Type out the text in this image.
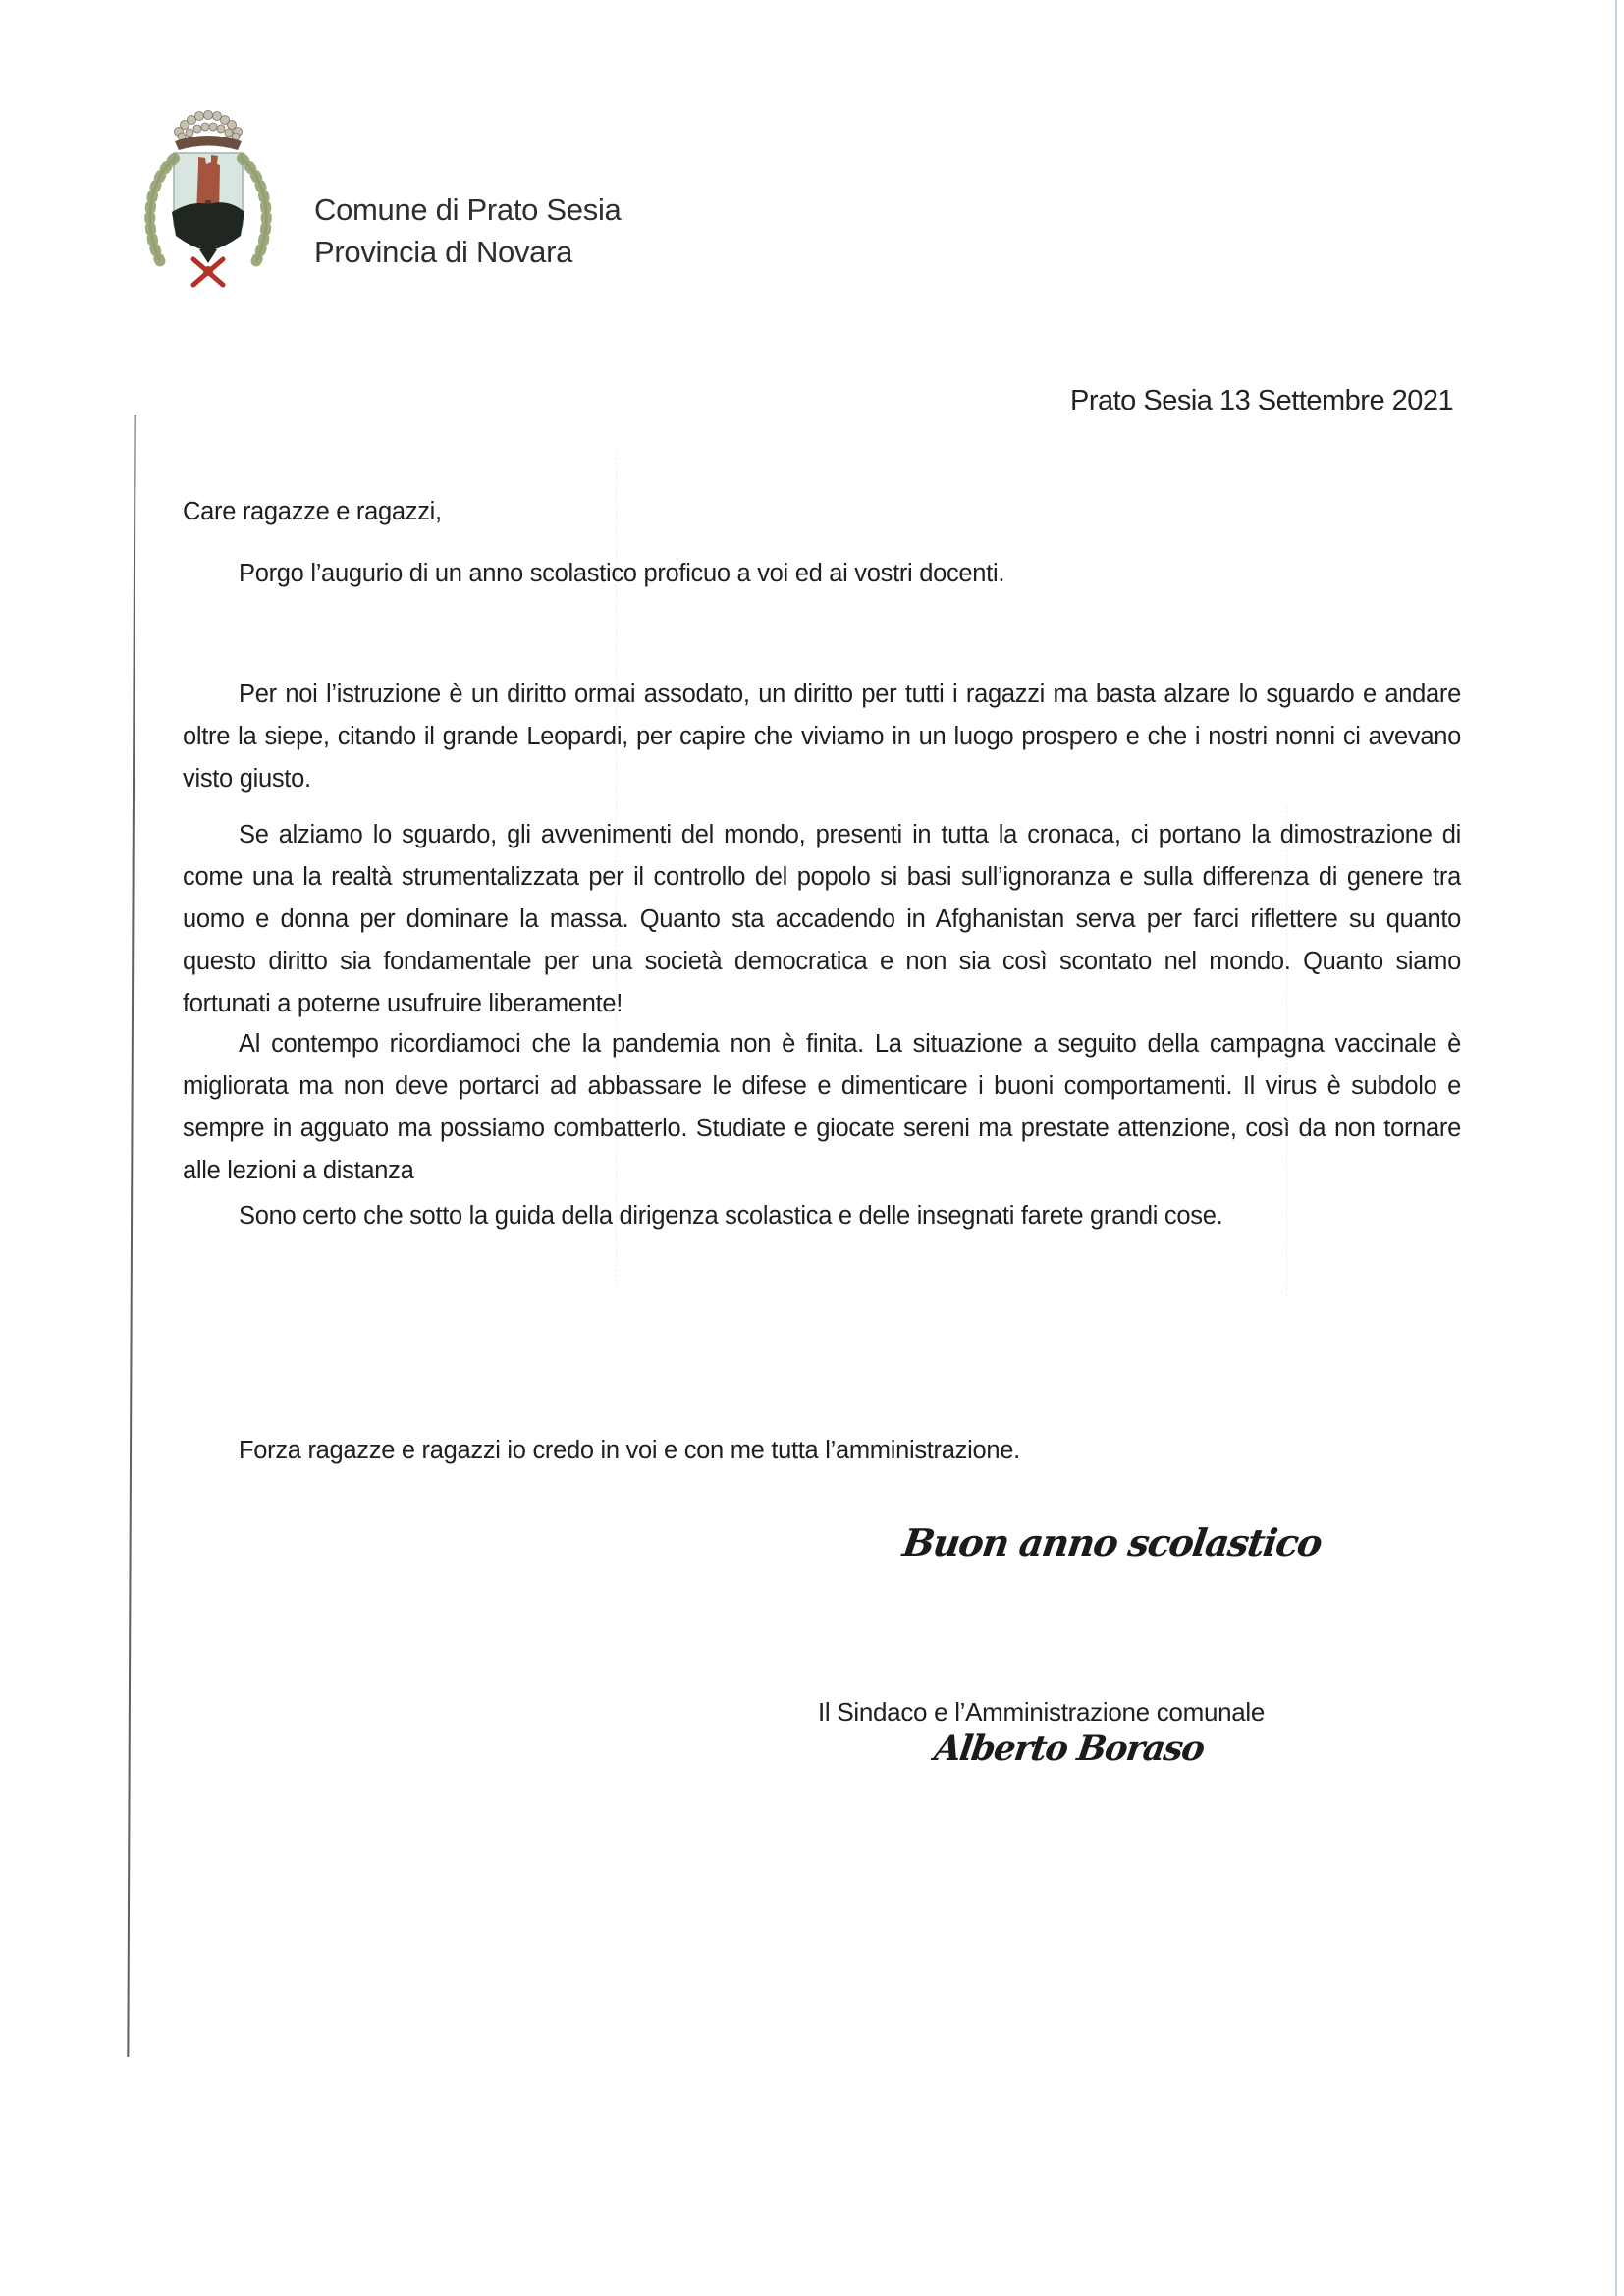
Comune di Prato Sesia
Provincia di Novara
Prato Sesia 13 Settembre 2021
Care ragazze e ragazzi,
Porgo l’augurio di un anno scolastico proficuo a voi ed ai vostri docenti.
Per noi l’istruzione è un diritto ormai assodato, un diritto per tutti i ragazzi ma basta alzare lo sguardo e andare oltre la siepe, citando il grande Leopardi, per capire che viviamo in un luogo prospero e che i nostri nonni ci avevano visto giusto.
Se alziamo lo sguardo, gli avvenimenti del mondo, presenti in tutta la cronaca, ci portano la dimostrazione di come una la realtà strumentalizzata per il controllo del popolo si basi sull’ignoranza e sulla differenza di genere tra uomo e donna per dominare la massa. Quanto sta accadendo in Afghanistan serva per farci riflettere su quanto questo diritto sia fondamentale per una società democratica e non sia così scontato nel mondo. Quanto siamo fortunati a poterne usufruire liberamente!
Al contempo ricordiamoci che la pandemia non è finita. La situazione a seguito della campagna vaccinale è migliorata ma non deve portarci ad abbassare le difese e dimenticare i buoni comportamenti. Il virus è subdolo e sempre in agguato ma possiamo combatterlo. Studiate e giocate sereni ma prestate attenzione, così da non tornare alle lezioni a distanza
Sono certo che sotto la guida della dirigenza scolastica e delle insegnati farete grandi cose.
Forza ragazze e ragazzi io credo in voi e con me tutta l’amministrazione.
Buon anno scolastico
Il Sindaco e l’Amministrazione comunale
Alberto Boraso
